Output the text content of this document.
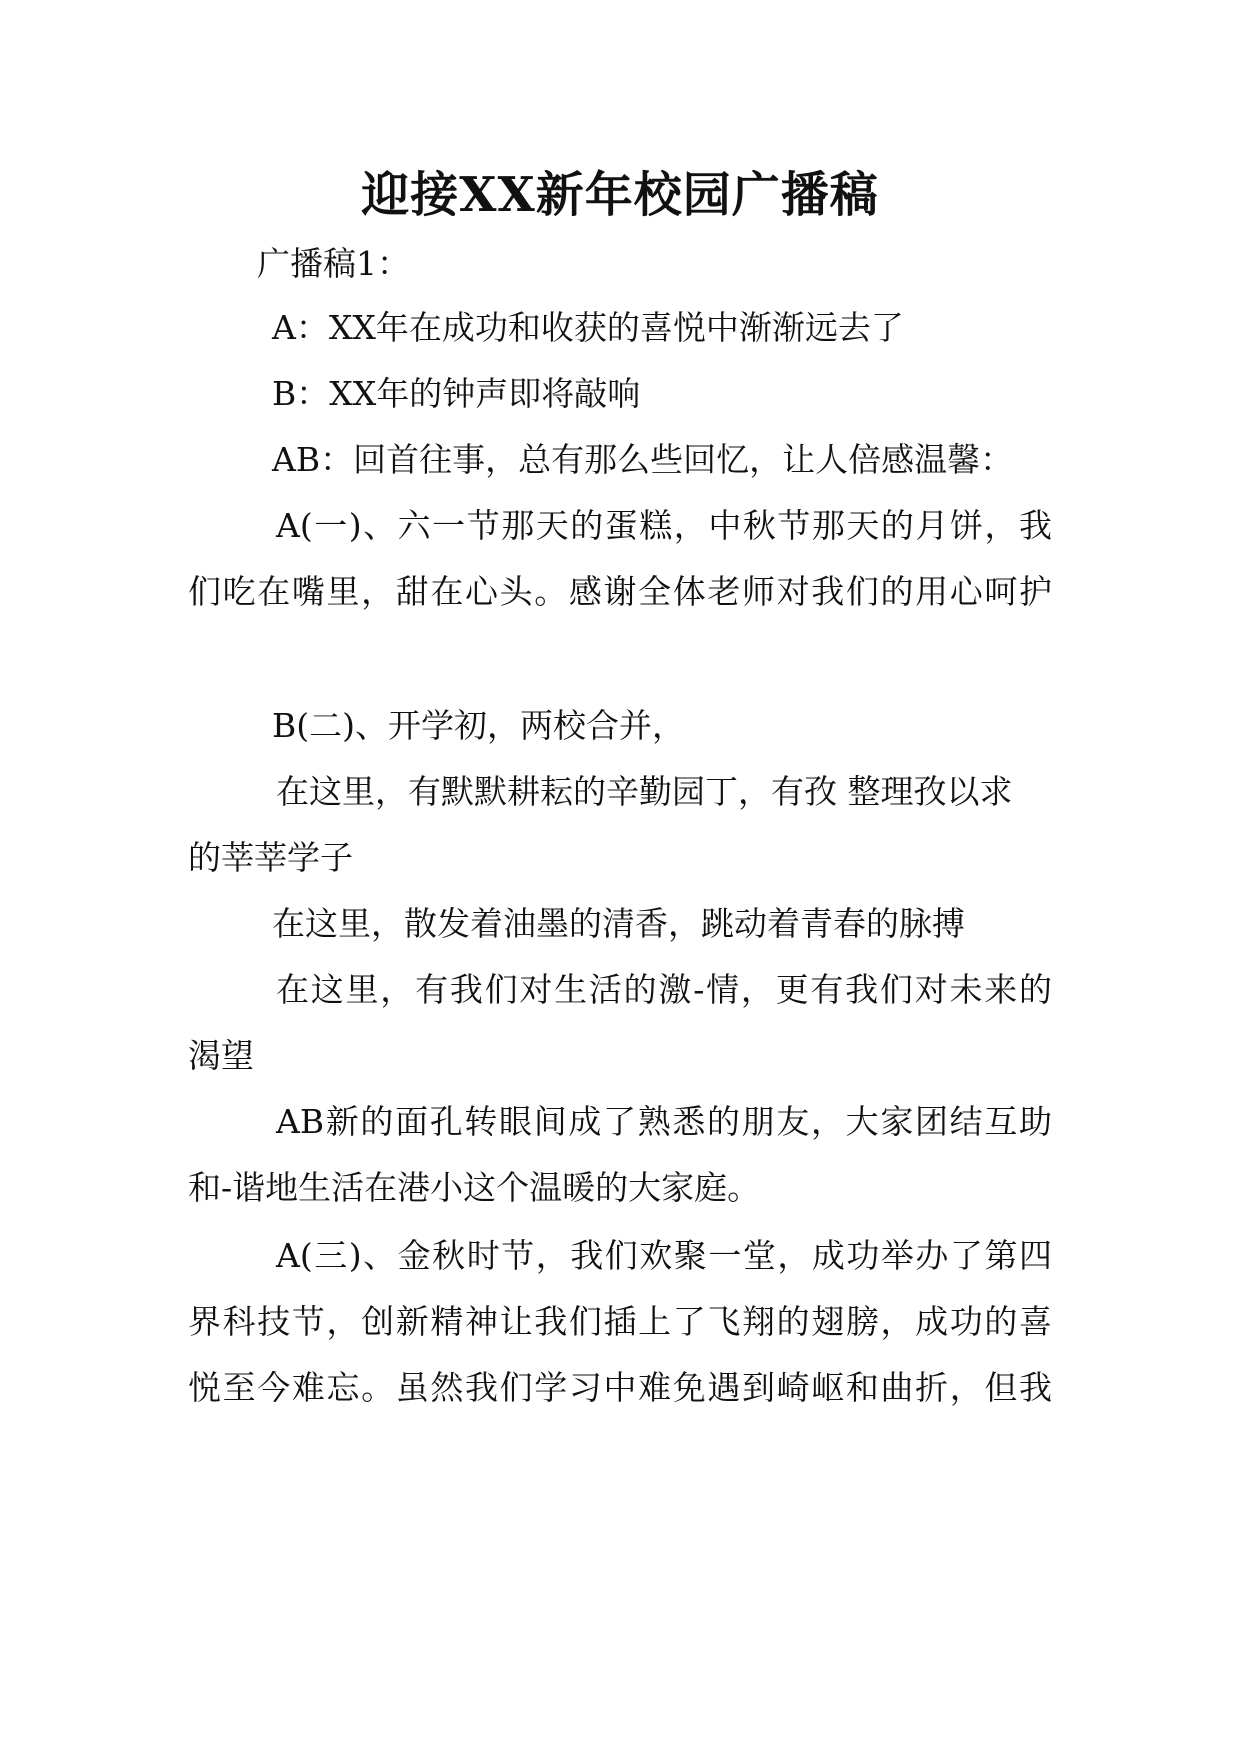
迎接XX新年校园广播稿
广播稿1：
A：XX年在成功和收获的喜悦中渐渐远去了
B：XX年的钟声即将敲响
AB：回首往事，总有那么些回忆，让人倍感温馨：
A(一)、六一节那天的蛋糕，中秋节那天的月饼，我
们吃在嘴里，甜在心头。感谢全体老师对我们的用心呵护
B(二)、开学初，两校合并，
在这里，有默默耕耘的辛勤园丁，有孜 整理孜以求
的莘莘学子
在这里，散发着油墨的清香，跳动着青春的脉搏
在这里，有我们对生活的激-情，更有我们对未来的
渴望
AB新的面孔转眼间成了熟悉的朋友，大家团结互助
和-谐地生活在港小这个温暖的大家庭。
A(三)、金秋时节，我们欢聚一堂，成功举办了第四
界科技节，创新精神让我们插上了飞翔的翅膀，成功的喜
悦至今难忘。虽然我们学习中难免遇到崎岖和曲折，但我
